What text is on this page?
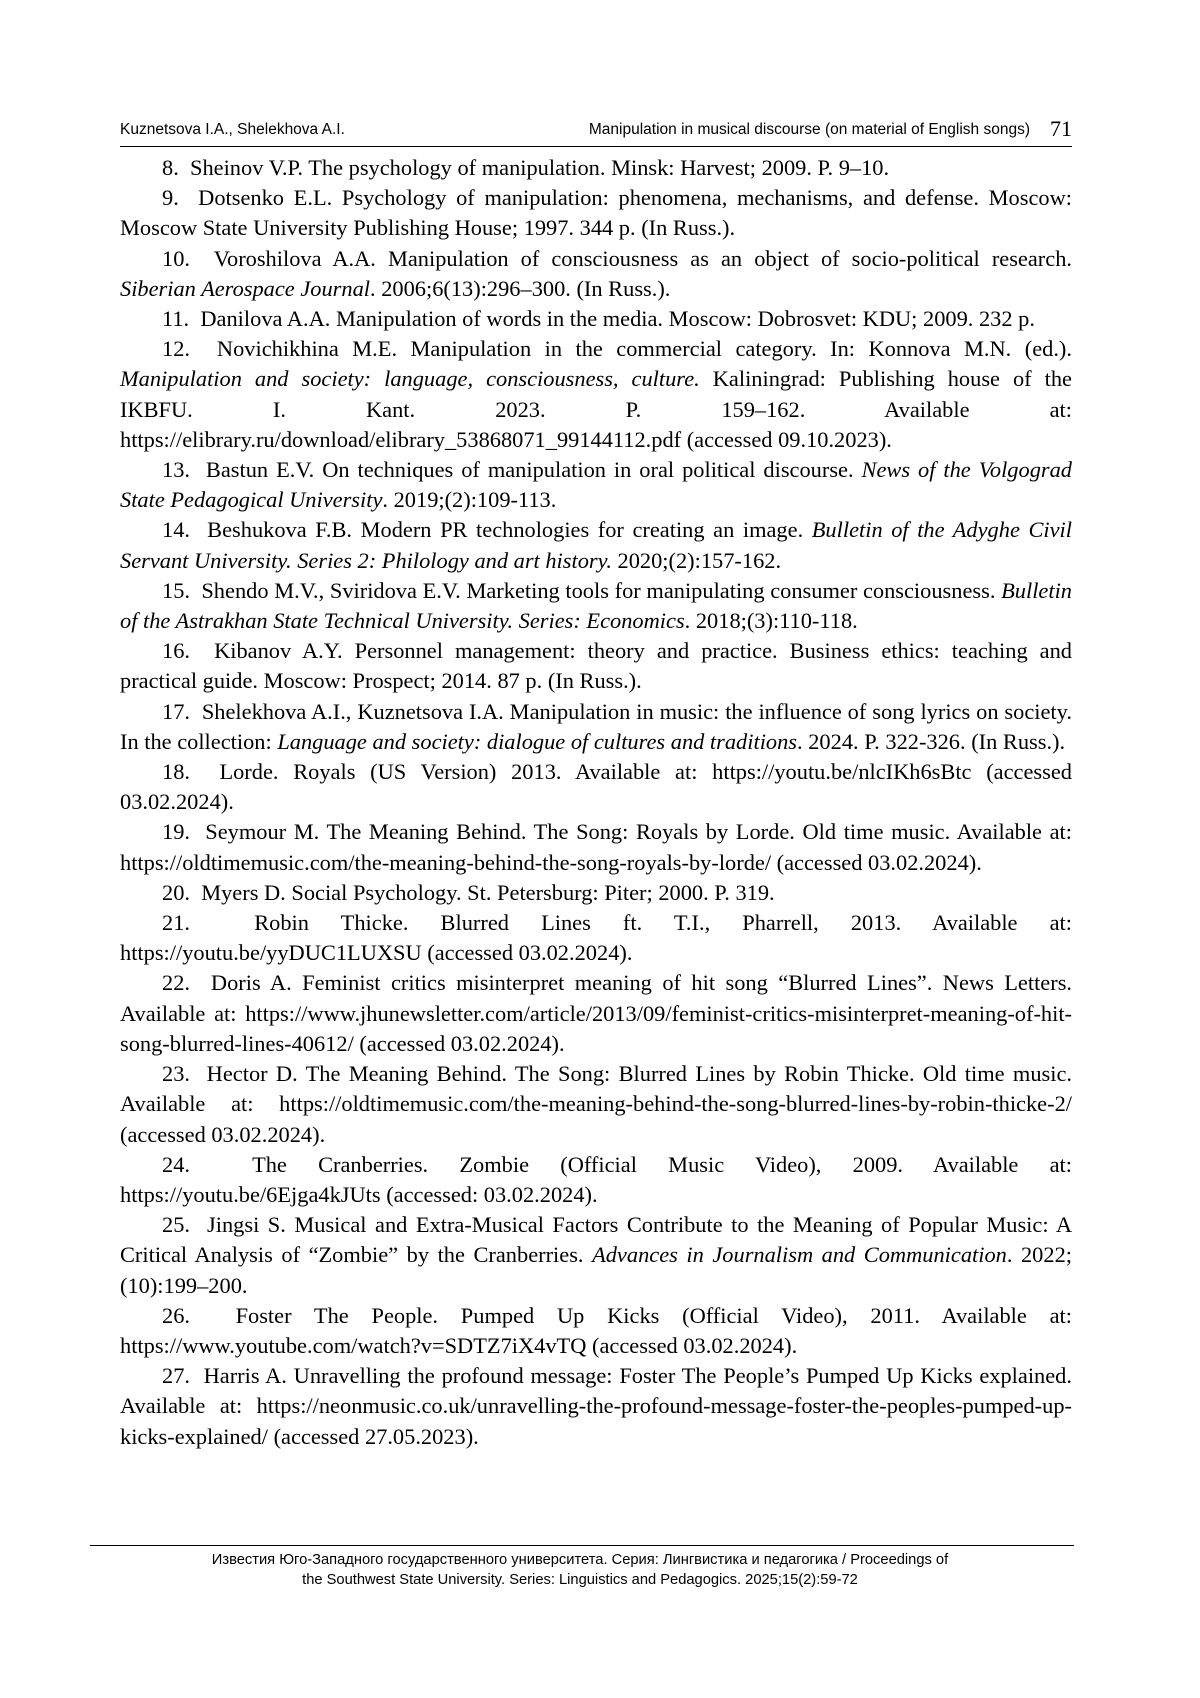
Kuznetsova I.A., Shelekhova A.I.	Manipulation in musical discourse (on material of English songs) 71

8. Sheinov V.P. The psychology of manipulation. Minsk: Harvest; 2009. P. 9–10.

9. Dotsenko E.L. Psychology of manipulation: phenomena, mechanisms, and defense. Moscow: Moscow State University Publishing House; 1997. 344 p. (In Russ.).

10. Voroshilova A.A. Manipulation of consciousness as an object of socio-political research. Siberian Aerospace Journal. 2006;6(13):296–300. (In Russ.).

11. Danilova A.A. Manipulation of words in the media. Moscow: Dobrosvet: KDU; 2009. 232 p.

12. Novichikhina M.E. Manipulation in the commercial category. In: Konnova M.N. (ed.). Manipulation and society: language, consciousness, culture. Kaliningrad: Publishing house of the IKBFU. I. Kant. 2023. P. 159–162. Available at: https://elibrary.ru/download/elibrary_53868071_99144112.pdf (accessed 09.10.2023).

13. Bastun E.V. On techniques of manipulation in oral political discourse. News of the Volgograd State Pedagogical University. 2019;(2):109-113.

14. Beshukova F.B. Modern PR technologies for creating an image. Bulletin of the Adyghe Civil Servant University. Series 2: Philology and art history. 2020;(2):157-162.

15. Shendo M.V., Sviridova E.V. Marketing tools for manipulating consumer consciousness. Bulletin of the Astrakhan State Technical University. Series: Economics. 2018;(3):110-118.

16. Kibanov A.Y. Personnel management: theory and practice. Business ethics: teaching and practical guide. Moscow: Prospect; 2014. 87 p. (In Russ.).

17. Shelekhova A.I., Kuznetsova I.A. Manipulation in music: the influence of song lyrics on society. In the collection: Language and society: dialogue of cultures and traditions. 2024. P. 322-326. (In Russ.).

18. Lorde. Royals (US Version) 2013. Available at: https://youtu.be/nlcIKh6sBtc (accessed 03.02.2024).

19. Seymour M. The Meaning Behind. The Song: Royals by Lorde. Old time music. Available at: https://oldtimemusic.com/the-meaning-behind-the-song-royals-by-lorde/ (accessed 03.02.2024).

20. Myers D. Social Psychology. St. Petersburg: Piter; 2000. P. 319.

21.	Robin Thicke. Blurred Lines ft. T.I., Pharrell, 2013. Available at: https://youtu.be/yyDUC1LUXSU (accessed 03.02.2024).

22. Doris A. Feminist critics misinterpret meaning of hit song “Blurred Lines”. News Letters. Available at: https://www.jhunewsletter.com/article/2013/09/feminist-critics-misinterpret-meaning-of-hit-song-blurred-lines-40612/ (accessed 03.02.2024).

23. Hector D. The Meaning Behind. The Song: Blurred Lines by Robin Thicke. Old time music. Available at: https://oldtimemusic.com/the-meaning-behind-the-song-blurred-lines-by-robin-thicke-2/ (accessed 03.02.2024).

24.	The Cranberries. Zombie (Official Music Video), 2009. Available at: https://youtu.be/6Ejga4kJUts (accessed: 03.02.2024).

25. Jingsi S. Musical and Extra-Musical Factors Contribute to the Meaning of Popular Music: A Critical Analysis of “Zombie” by the Cranberries. Advances in Journalism and Communication. 2022;(10):199–200.

26. Foster The People. Pumped Up Kicks (Official Video), 2011. Available at: https://www.youtube.com/watch?v=SDTZ7iX4vTQ (accessed 03.02.2024).

27. Harris A. Unravelling the profound message: Foster The People’s Pumped Up Kicks explained. Available at: https://neonmusic.co.uk/unravelling-the-profound-message-foster-the-peoples-pumped-up-kicks-explained/ (accessed 27.05.2023).

Известия Юго-Западного государственного университета. Серия: Лингвистика и педагогика / Proceedings of
the Southwest State University. Series: Linguistics and Pedagogics. 2025;15(2):59-72
